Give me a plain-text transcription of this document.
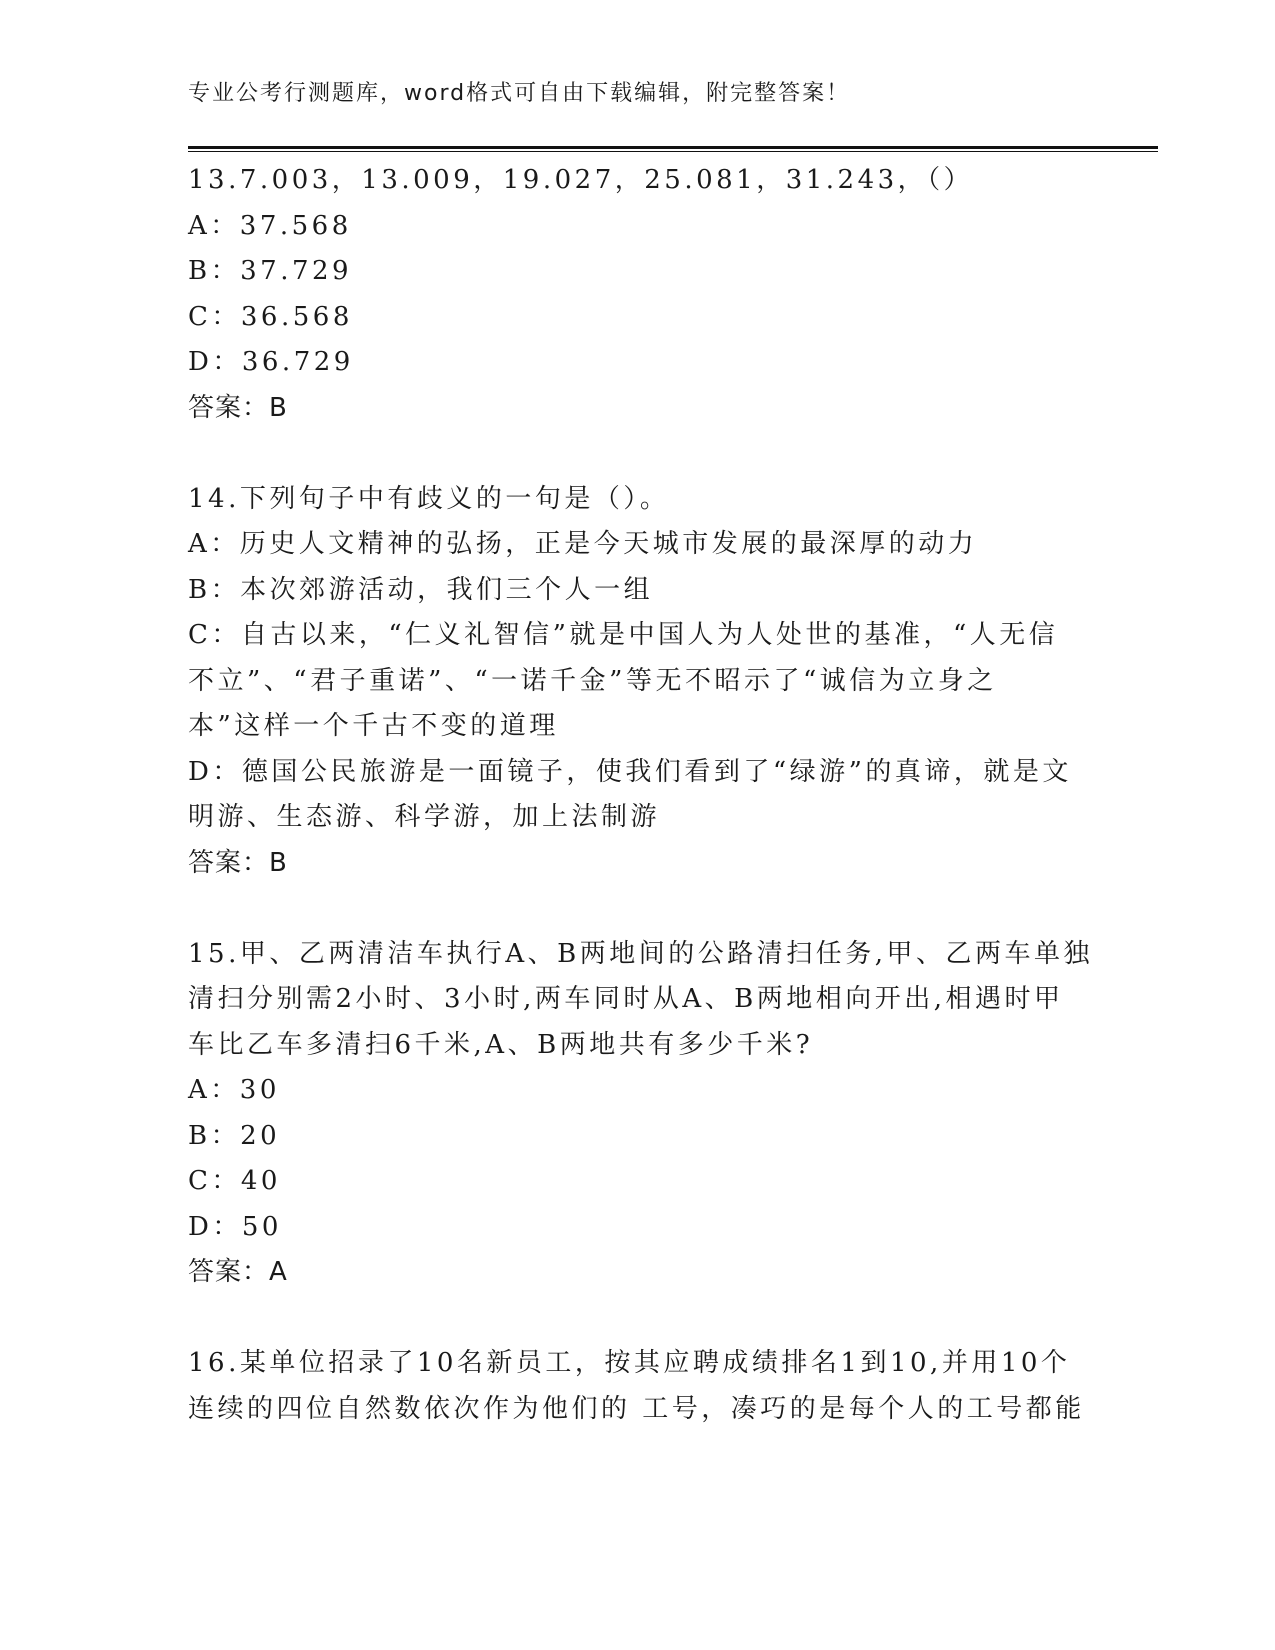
专业公考行测题库，word格式可自由下载编辑，附完整答案！
13.7.003，13.009，19.027，25.081，31.243，（）
A：37.568
B：37.729
C：36.568
D：36.729
答案：B
14.下列句子中有歧义的一句是（）。
A：历史人文精神的弘扬，正是今天城市发展的最深厚的动力
B：本次郊游活动，我们三个人一组
C：自古以来，“仁义礼智信”就是中国人为人处世的基准，“人无信
不立”、“君子重诺”、“一诺千金”等无不昭示了“诚信为立身之
本”这样一个千古不变的道理
D：德国公民旅游是一面镜子，使我们看到了“绿游”的真谛，就是文
明游、生态游、科学游，加上法制游
答案：B
15.甲、乙两清洁车执行A、B两地间的公路清扫任务,甲、乙两车单独
清扫分别需2小时、3小时,两车同时从A、B两地相向开出,相遇时甲
车比乙车多清扫6千米,A、B两地共有多少千米?
A：30
B：20
C：40
D：50
答案：A
16.某单位招录了10名新员工，按其应聘成绩排名1到10,并用10个
连续的四位自然数依次作为他们的 工号，凑巧的是每个人的工号都能
